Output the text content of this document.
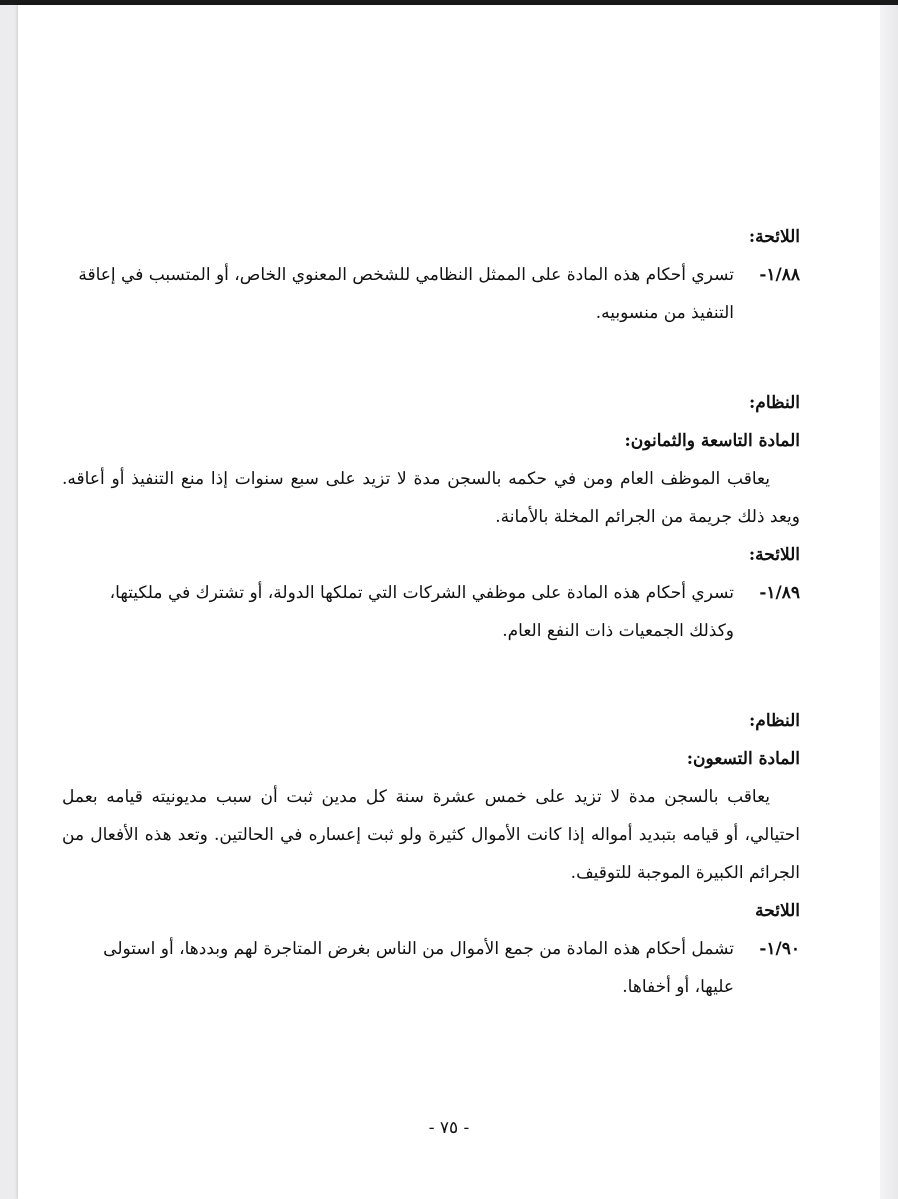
اللائحة:
١/٨٨-
تسري أحكام هذه المادة على الممثل النظامي للشخص المعنوي الخاص، أو المتسبب في إعاقة التنفيذ من منسوبيه.
النظام:
المادة التاسعة والثمانون:
يعاقب الموظف العام ومن في حكمه بالسجن مدة لا تزيد على سبع سنوات إذا منع التنفيذ أو أعاقه. ويعد ذلك جريمة من الجرائم المخلة بالأمانة.
اللائحة:
١/٨٩-
تسري أحكام هذه المادة على موظفي الشركات التي تملكها الدولة، أو تشترك في ملكيتها، وكذلك الجمعيات ذات النفع العام.
النظام:
المادة التسعون:
يعاقب بالسجن مدة لا تزيد على خمس عشرة سنة كل مدين ثبت أن سبب مديونيته قيامه بعمل احتيالي، أو قيامه بتبديد أمواله إذا كانت الأموال كثيرة ولو ثبت إعساره في الحالتين. وتعد هذه الأفعال من الجرائم الكبيرة الموجبة للتوقيف.
اللائحة
١/٩٠-
تشمل أحكام هذه المادة من جمع الأموال من الناس بغرض المتاجرة لهم وبددها، أو استولى عليها، أو أخفاها.
- ٧٥ -
